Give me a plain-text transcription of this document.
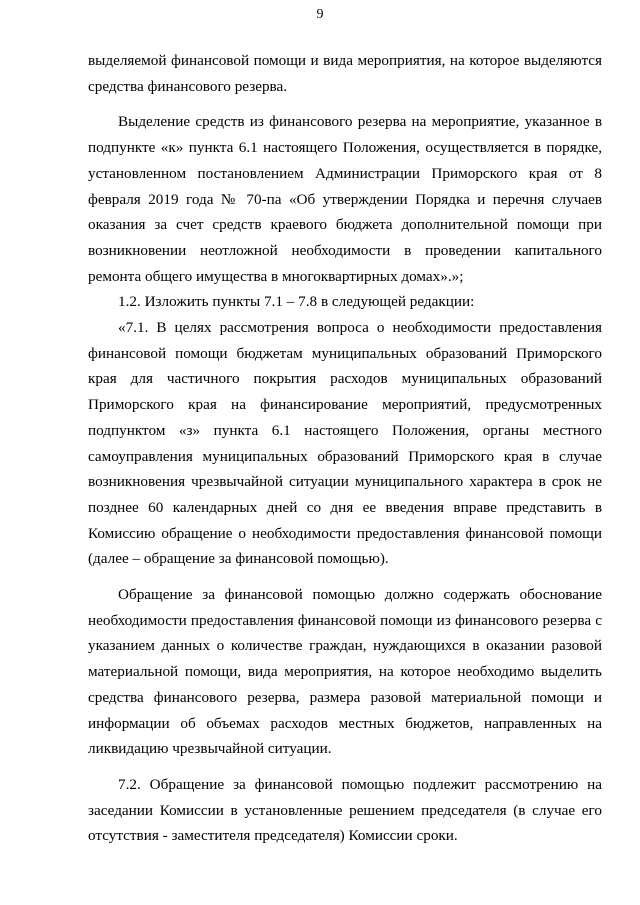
9

выделяемой финансовой помощи и вида мероприятия, на которое выделяются средства финансового резерва.

Выделение средств из финансового резерва на мероприятие, указанное в подпункте «к» пункта 6.1 настоящего Положения, осуществляется в порядке, установленном постановлением Администрации Приморского края от 8 февраля 2019 года № 70-па «Об утверждении Порядка и перечня случаев оказания за счет средств краевого бюджета дополнительной помощи при возникновении неотложной необходимости в проведении капитального ремонта общего имущества в многоквартирных домах».»;

1.2. Изложить пункты 7.1 – 7.8 в следующей редакции:

«7.1. В целях рассмотрения вопроса о необходимости предоставления финансовой помощи бюджетам муниципальных образований Приморского края для частичного покрытия расходов муниципальных образований Приморского края на финансирование мероприятий, предусмотренных подпунктом «з» пункта 6.1 настоящего Положения, органы местного самоуправления муниципальных образований Приморского края в случае возникновения чрезвычайной ситуации муниципального характера в срок не позднее 60 календарных дней со дня ее введения вправе представить в Комиссию обращение о необходимости предоставления финансовой помощи (далее – обращение за финансовой помощью).

Обращение за финансовой помощью должно содержать обоснование необходимости предоставления финансовой помощи из финансового резерва с указанием данных о количестве граждан, нуждающихся в оказании разовой материальной помощи, вида мероприятия, на которое необходимо выделить средства финансового резерва, размера разовой материальной помощи и информации об объемах расходов местных бюджетов, направленных на ликвидацию чрезвычайной ситуации.

7.2. Обращение за финансовой помощью подлежит рассмотрению на заседании Комиссии в установленные решением председателя (в случае его отсутствия - заместителя председателя) Комиссии сроки.
